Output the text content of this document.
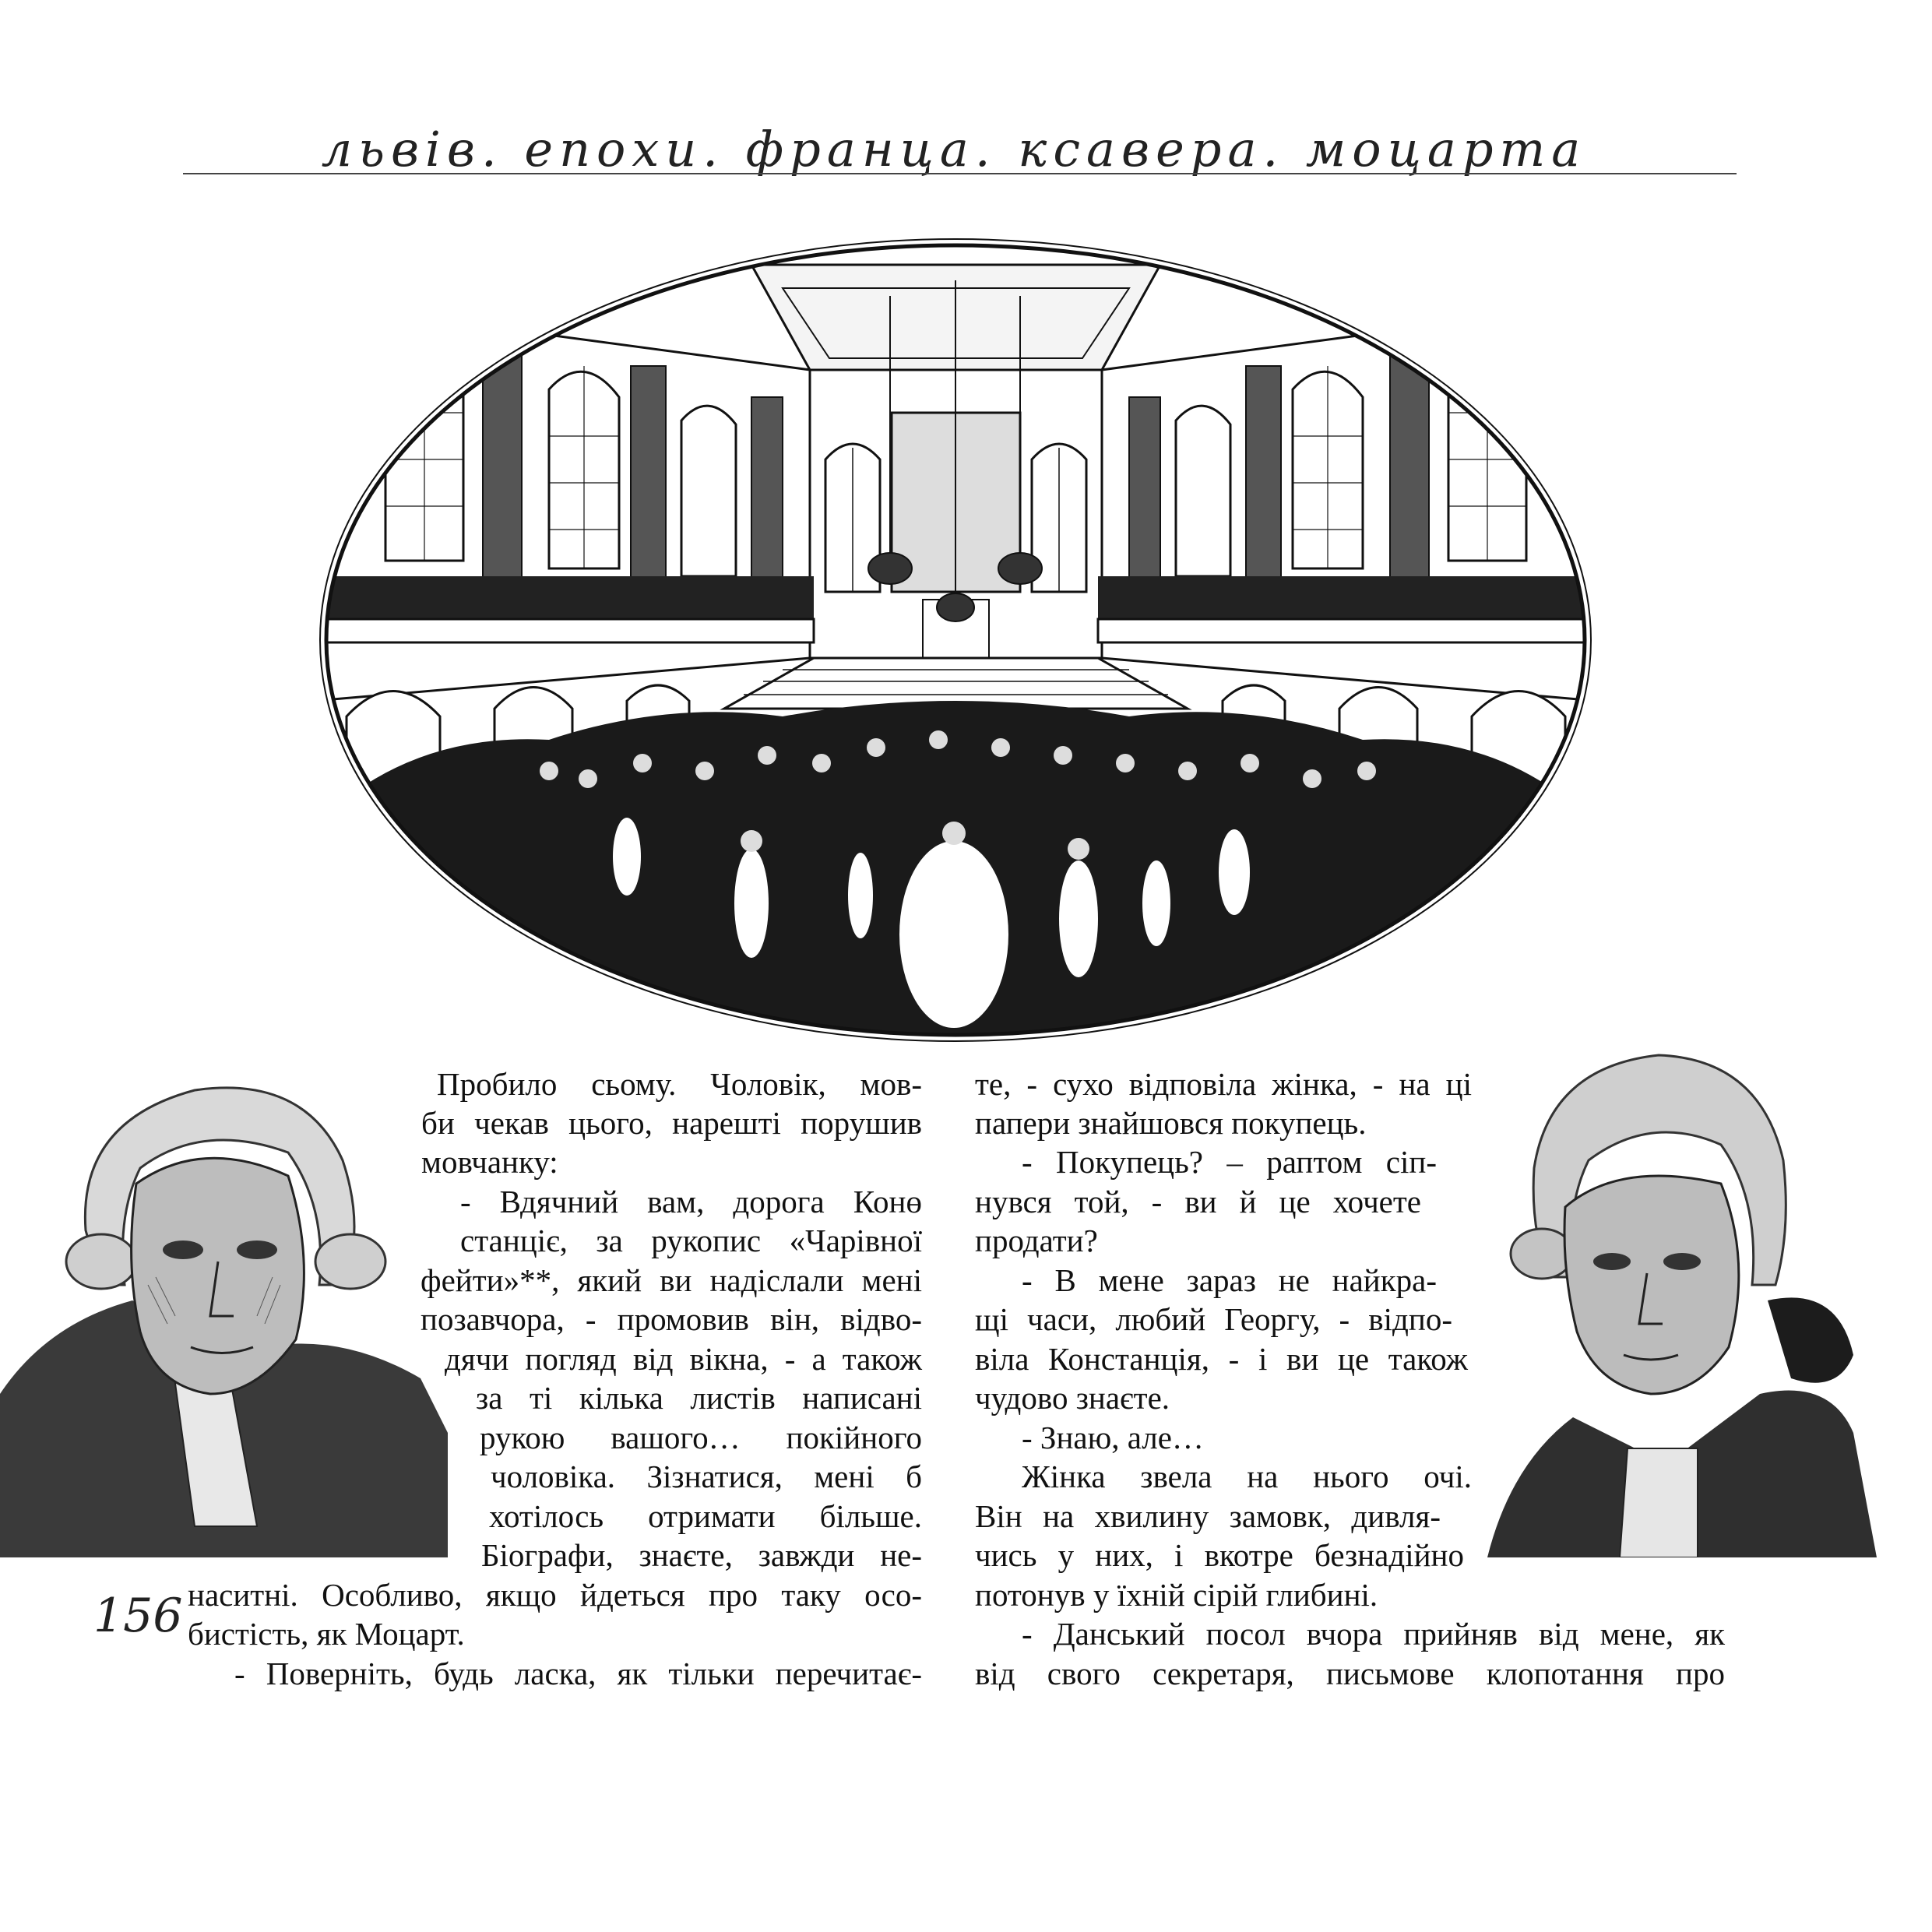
львів. епохи. франца. ксавера. моцарта
156
Пробило сьому. Чоловік, мов-
би чекав цього, нарешті порушив
мовчанку:
- Вдячний вам, дорога Конө
станціє, за рукопис «Чарівної
фейти»**, який ви надіслали мені
позавчора, - промовив він, відво-
дячи погляд від вікна, - а також
за ті кілька листів написані
рукою вашого… покійного
чоловіка. Зізнатися, мені б
хотілось отримати більше.
Біографи, знаєте, завжди не-
наситні. Особливо, якщо йдеться про таку осо-
бистість, як Моцарт.
- Поверніть, будь ласка, як тільки перечитає-
те, - сухо відповіла жінка, - на ці
папери знайшовся покупець.
- Покупець? – раптом сіп-
нувся той, - ви й це хочете
продати?
- В мене зараз не найкра-
щі часи, любий Георгу, - відпо-
віла Констанція, - і ви це також
чудово знаєте.
- Знаю, але…
Жінка звела на нього очі.
Він на хвилину замовк, дивля-
чись у них, і вкотре безнадійно
потонув у їхній сірій глибині.
- Данський посол вчора прийняв від мене, як
від свого секретаря, письмове клопотання про
